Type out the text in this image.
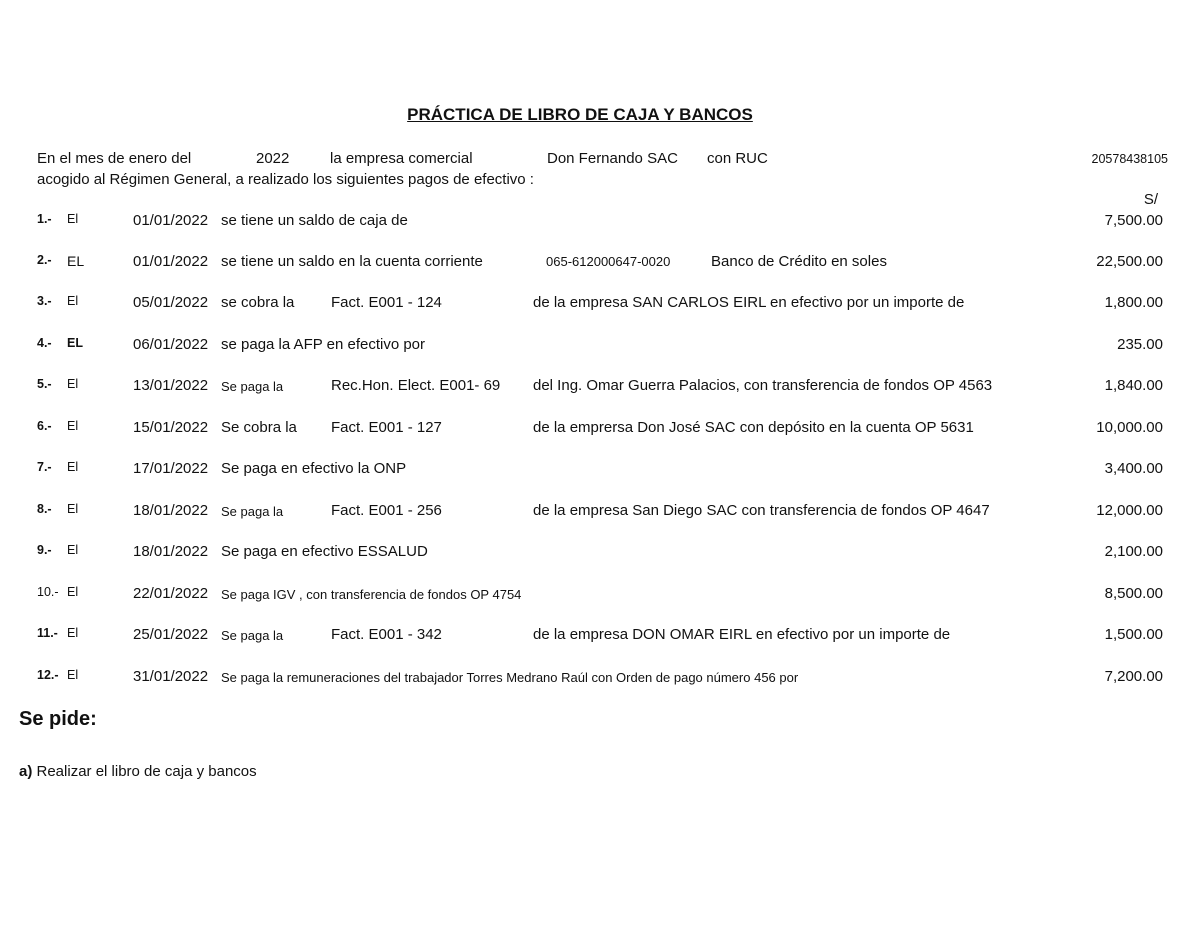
PRÁCTICA DE LIBRO DE CAJA Y BANCOS
En el mes de enero del	2022	la empresa comercial	Don Fernando SAC con RUC	20578438105
acogido al Régimen General, a realizado los siguientes pagos de efectivo :
S/
1.- El	01/01/2022 se tiene un saldo de caja de	7,500.00
2.- EL	01/01/2022 se tiene un saldo en la cuenta corriente	065-612000647-0020	Banco de Crédito en soles	22,500.00
3.- El	05/01/2022 se cobra la Fact. E001 - 124	de la empresa SAN CARLOS EIRL en efectivo por un importe de	1,800.00
4.- EL	06/01/2022 se paga la AFP en efectivo por	235.00
5.- El	13/01/2022 Se paga la	Rec.Hon. Elect. E001- 69 del Ing. Omar Guerra Palacios, con transferencia de fondos OP 4563	1,840.00
6.- El	15/01/2022 Se cobra la Fact. E001 - 127	de la emprersa Don José SAC con depósito en la cuenta OP 5631	10,000.00
7.- El	17/01/2022 Se paga en efectivo la ONP	3,400.00
8.- El	18/01/2022 Se paga la	Fact. E001 - 256	de la empresa San Diego SAC con transferencia de fondos OP 4647	12,000.00
9.- El	18/01/2022 Se paga en efectivo ESSALUD	2,100.00
10.- El	22/01/2022 Se paga IGV , con transferencia de fondos OP 4754	8,500.00
11.- El	25/01/2022 Se paga la	Fact. E001 - 342	de la empresa DON OMAR EIRL en efectivo por un importe de	1,500.00
12.- El	31/01/2022 Se paga la remuneraciones del trabajador Torres Medrano Raúl con Orden de pago número 456 por	7,200.00
Se pide:
a) Realizar el libro de caja y bancos
